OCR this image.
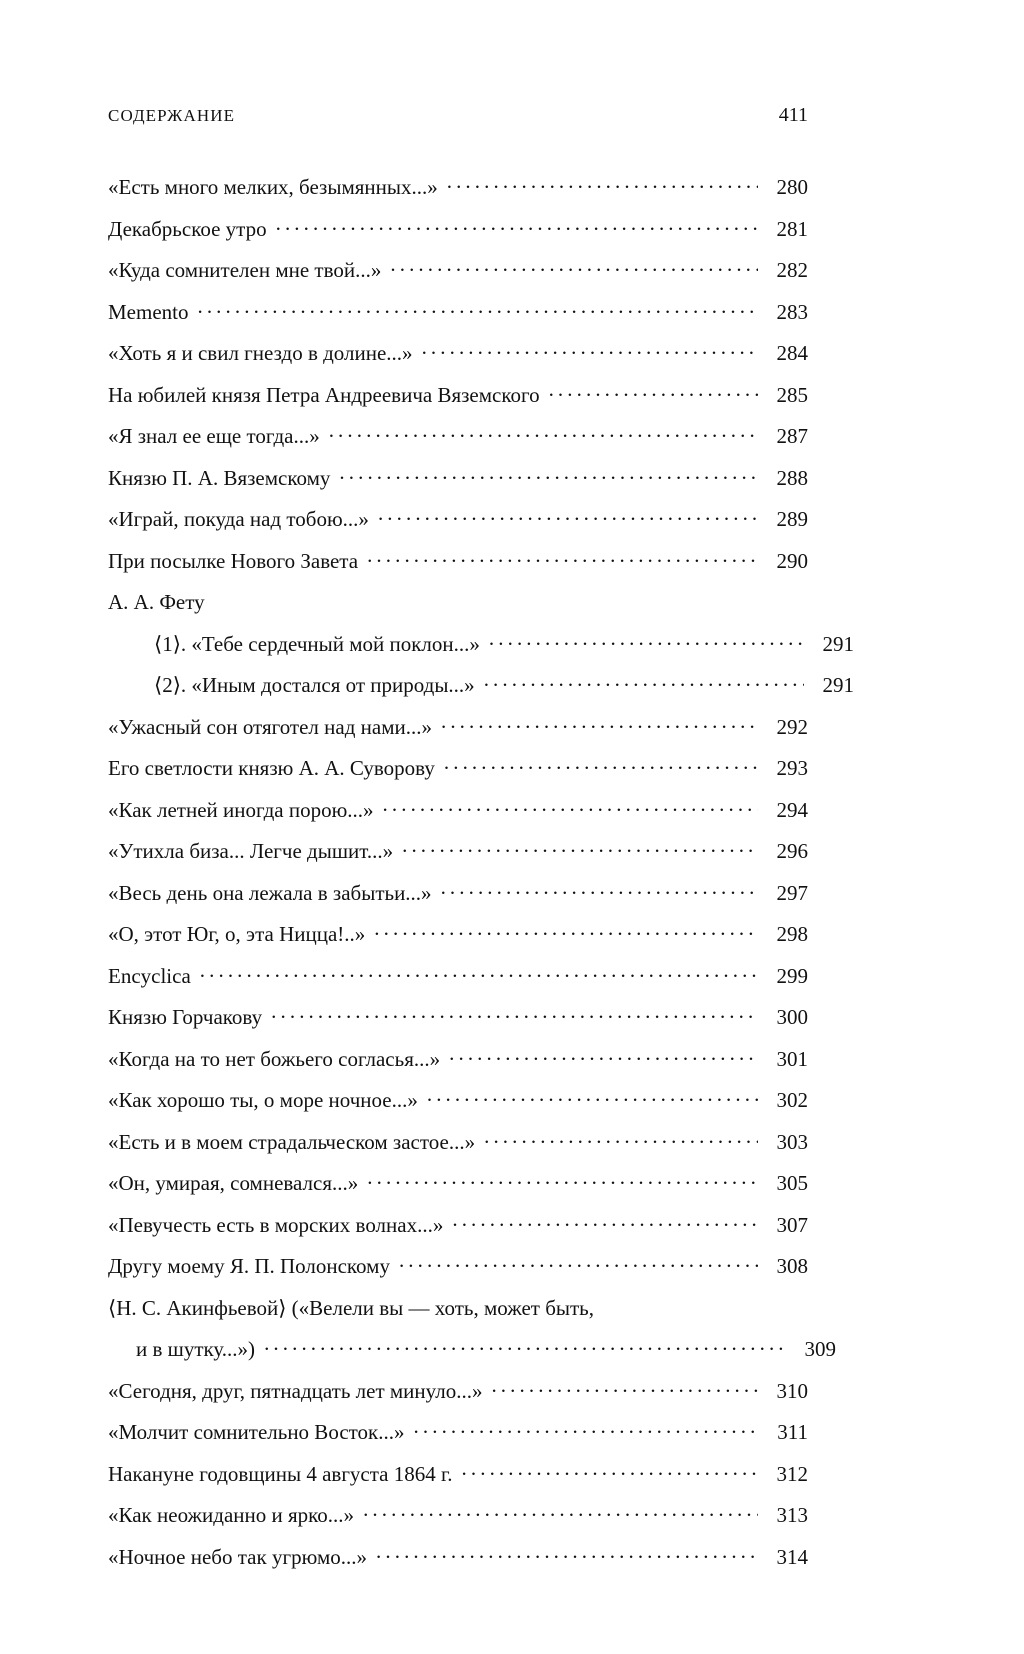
СОДЕРЖАНИЕ	411
«Есть много мелких, безымянных...» .....	280
Декабрьское утро .....	281
«Куда сомнителен мне твой...» .....	282
Memento .....	283
«Хоть я и свил гнездо в долине...» .....	284
На юбилей князя Петра Андреевича Вяземского .....	285
«Я знал ее еще тогда...» .....	287
Князю П. А. Вяземскому .....	288
«Играй, покуда над тобою...» .....	289
При посылке Нового Завета .....	290
А. А. Фету
⟨1⟩. «Тебе сердечный мой поклон...» .....	291
⟨2⟩. «Иным достался от природы...» .....	291
«Ужасный сон отяготел над нами...» .....	292
Его светлости князю А. А. Суворову .....	293
«Как летней иногда порою...» .....	294
«Утихла биза... Легче дышит...» .....	296
«Весь день она лежала в забытьи...» .....	297
«О, этот Юг, о, эта Ницца!..» .....	298
Encyclica .....	299
Князю Горчакову .....	300
«Когда на то нет божьего согласья...» .....	301
«Как хорошо ты, о море ночное...» .....	302
«Есть и в моем страдальческом застое...» .....	303
«Он, умирая, сомневался...» .....	305
«Певучесть есть в морских волнах...» .....	307
Другу моему Я. П. Полонскому .....	308
⟨Н. С. Акинфьевой⟩ («Велели вы — хоть, может быть,
и в шутку...») .....	309
«Сегодня, друг, пятнадцать лет минуло...» .....	310
«Молчит сомнительно Восток...» .....	311
Накануне годовщины 4 августа 1864 г. .....	312
«Как неожиданно и ярко...» .....	313
«Ночное небо так угрюмо...» .....	314
